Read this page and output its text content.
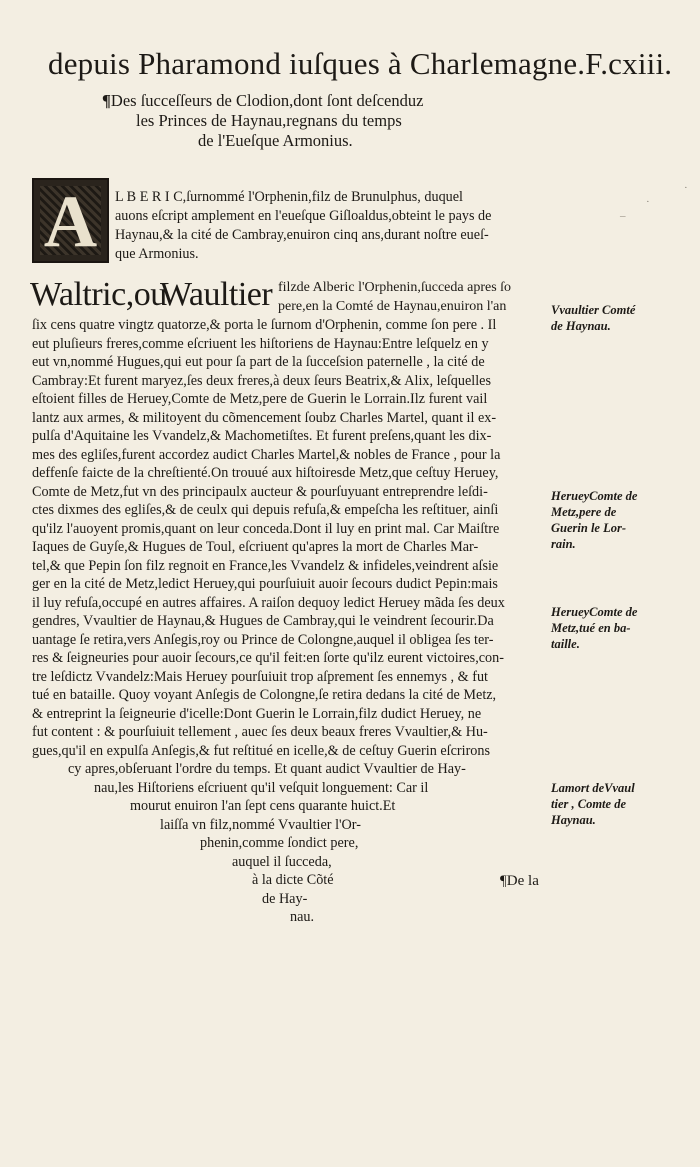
depuis Pharamond iuſques à Charlemagne.F.cxiii.
¶Des ſucceſſeurs de Clodion,dont ſont deſcenduz
les Princes de Haynau,regnans du temps
de l'Eueſque Armonius.
A	L B E R I C,ſurnommé l'Orphenin,filz de Brunulphus, duquel
auons eſcript amplement en l'eueſque Giſloaldus,obteint le pays de
Haynau,& la cité de Cambray,enuiron cinq ans,durant noſtre eueſ-
que Armonius.
Waltric,ou
Waultier filzde Alberic l'Orphenin,ſucceda apres ſo
pere,en la Comté de Haynau,enuiron l'an
ſix cens quatre vingtz quatorze,& porta le ſurnom d'Orphenin, comme ſon pere . Il
eut pluſieurs freres,comme eſcriuent les hiſtoriens de Haynau:Entre leſquelz en y
eut vn,nommé Hugues,qui eut pour ſa part de la ſucceſsion paternelle , la cité de
Cambray:Et furent maryez,ſes deux freres,à deux ſeurs Beatrix,& Alix, leſquelles
eſtoient filles de Heruey,Comte de Metz,pere de Guerin le Lorrain.Ilz furent vail
lantz aux armes, & militoyent du cõmencement ſoubz Charles Martel, quant il ex-
pulſa d'Aquitaine les Vvandelz,& Machometiſtes. Et furent preſens,quant les dix-
mes des egliſes,furent accordez audict Charles Martel,& nobles de France , pour la
deffenſe faicte de la chreſtienté.On trouué aux hiſtoiresde Metz,que ceſtuy Heruey,
Comte de Metz,fut vn des principaulx aucteur & pourſuyuant entreprendre leſdi-
ctes dixmes des egliſes,& de ceulx qui depuis refuſa,& empeſcha les reſtituer, ainſi
qu'ilz l'auoyent promis,quant on leur conceda.Dont il luy en print mal. Car Maiſtre
Iaques de Guyſe,& Hugues de Toul, eſcriuent qu'apres la mort de Charles Mar-
tel,& que Pepin ſon filz regnoit en France,les Vvandelz & infideles,veindrent aſsie
ger en la cité de Metz,ledict Heruey,qui pourſuiuit auoir ſecours dudict Pepin:mais
il luy refuſa,occupé en autres affaires. A raiſon dequoy ledict Heruey mãda ſes deux
gendres, Vvaultier de Haynau,& Hugues de Cambray,qui le veindrent ſecourir.Da
uantage ſe retira,vers Anſegis,roy ou Prince de Colongne,auquel il obligea ſes ter-
res & ſeigneuries pour auoir ſecours,ce qu'il feit:en ſorte qu'ilz eurent victoires,con-
tre leſdictz Vvandelz:Mais Heruey pourſuiuit trop aſprement ſes ennemys , & fut
tué en bataille. Quoy voyant Anſegis de Colongne,ſe retira dedans la cité de Metz,
& entreprint la ſeigneurie d'icelle:Dont Guerin le Lorrain,filz dudict Heruey, ne
fut content : & pourſuiuit tellement , auec ſes deux beaux freres Vvaultier,& Hu-
gues,qu'il en expulſa Anſegis,& fut reſtitué en icelle,& de ceſtuy Guerin eſcrirons
cy apres,obſeruant l'ordre du temps. Et quant audict Vvaultier de Hay-
nau,les Hiſtoriens eſcriuent qu'il veſquit longuement: Car il
mourut enuiron l'an ſept cens quarante huict.Et
laiſſa vn filz,nommé Vvaultier l'Or-
phenin,comme ſondict pere,
auquel il ſucceda,
à la dicte Cõté
de Hay-
nau.
Vvaultier Comté
de Haynau.
HerueyComte de
Metz,pere de
Guerin le Lor-
rain.
HerueyComte de
Metz,tué en ba-
taille.
Lamort deVvaul
tier , Comte de
Haynau.
¶De la
·
–
·
